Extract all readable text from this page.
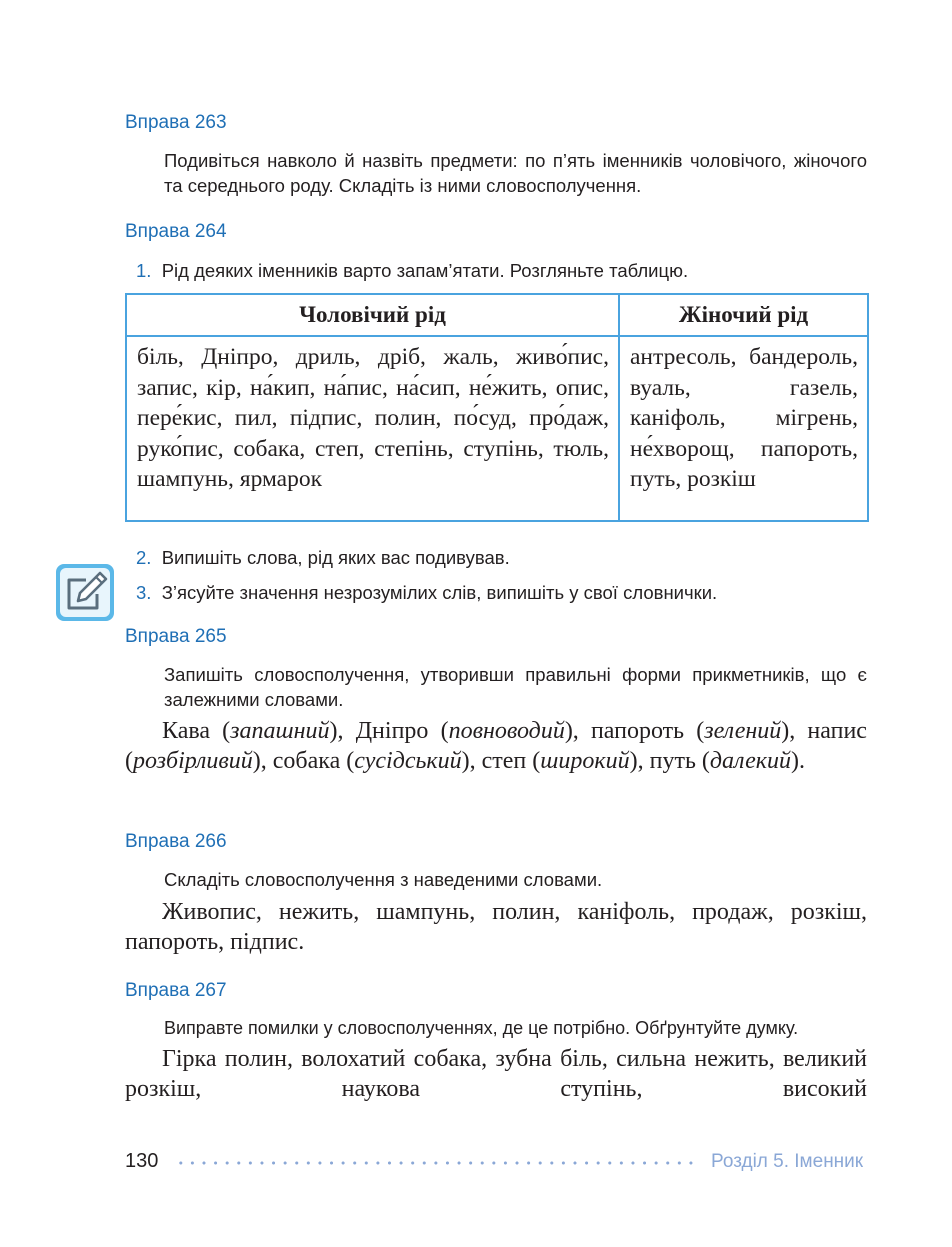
Вправа 263
Подивіться навколо й назвіть предмети: по п’ять іменників чоловічого, жіночого та середнього роду. Складіть із ними словосполучення.
Вправа 264
1. Рід деяких іменників варто запам’ятати. Розгляньте таблицю.
Чоловічий рід	Жіночий рід
біль, Дніпро, дриль, дріб, жаль, живо́пис, запис, кір, на́кип, на́пис, на́сип, не́жить, опис, пере́кис, пил, підпис, полин, по́суд, про́даж, руко́пис, собака, степ, степінь, ступінь, тюль, шампунь, ярмарок	антресоль, бандероль, вуаль, газель, каніфоль, мігрень, не́хворощ, папороть, путь, розкіш
2. Випишіть слова, рід яких вас подивував.
3. З’ясуйте значення незрозумілих слів, випишіть у свої словнички.
Вправа 265
Запишіть словосполучення, утворивши правильні форми прикметників, що є залежними словами.
Кава (запашний), Дніпро (повноводий), папороть (зелений), напис (розбірливий), собака (сусідський), степ (широкий), путь (далекий).
Вправа 266
Складіть словосполучення з наведеними словами.
Живопис, нежить, шампунь, полин, каніфоль, продаж, розкіш, папороть, підпис.
Вправа 267
Виправте помилки у словосполученнях, де це потрібно. Обґрунтуйте думку.
Гірка полин, волохатий собака, зубна біль, сильна нежить, великий розкіш, наукова ступінь, високий
130	Розділ 5. Іменник
